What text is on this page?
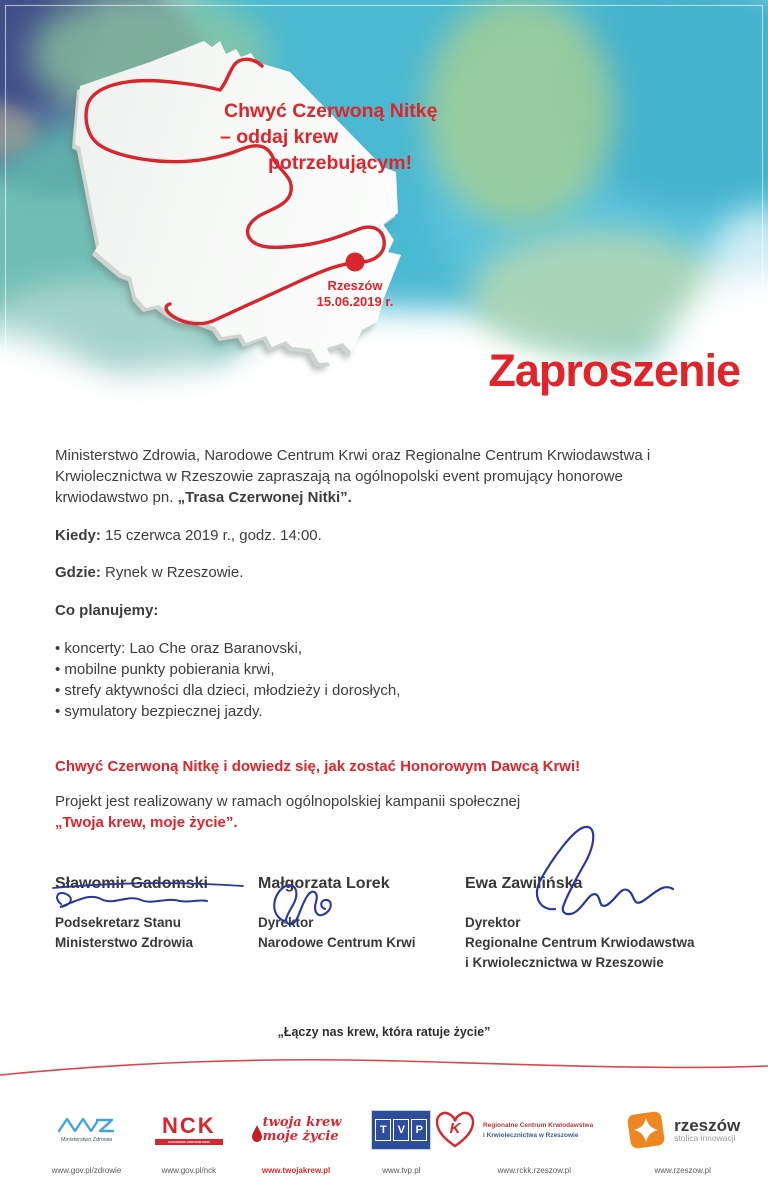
Chwyć Czerwoną Nitkę
– oddaj krew
potrzebującym!
Rzeszów
15.06.2019 r.
Zaproszenie
Ministerstwo Zdrowia, Narodowe Centrum Krwi oraz Regionalne Centrum Krwiodawstwa i Krwiolecznictwa w Rzeszowie zapraszają na ogólnopolski event promujący honorowe krwiodawstwo pn. „Trasa Czerwonej Nitki”.
Kiedy: 15 czerwca 2019 r., godz. 14:00.
Gdzie: Rynek w Rzeszowie.
Co planujemy:
• koncerty: Lao Che oraz Baranovski,
• mobilne punkty pobierania krwi,
• strefy aktywności dla dzieci, młodzieży i dorosłych,
• symulatory bezpiecznej jazdy.
Chwyć Czerwoną Nitkę i dowiedz się, jak zostać Honorowym Dawcą Krwi!
Projekt jest realizowany w ramach ogólnopolskiej kampanii społecznej
„Twoja krew, moje życie”.
Sławomir Gadomski
Podsekretarz Stanu
Ministerstwo Zdrowia
Małgorzata Lorek
Dyrektor
Narodowe Centrum Krwi
Ewa Zawilińska
Dyrektor
Regionalne Centrum Krwiodawstwa
i Krwiolecznictwa w Rzeszowie
„Łączy nas krew, która ratuje życie”
Ministerstwo Zdrowia
www.gov.pl/zdrowie
NCK
NARODOWE CENTRUM KRWI
www.gov.pl/nck
twoja krew
moje życie
www.twojakrew.pl
T V P
www.tvp.pl
K	Regionalne Centrum Krwiodawstwa
i Krwiolecznictwa w Rzeszowie
www.rckk.rzeszow.pl
rzeszów
stolica innowacji
www.rzeszow.pl
